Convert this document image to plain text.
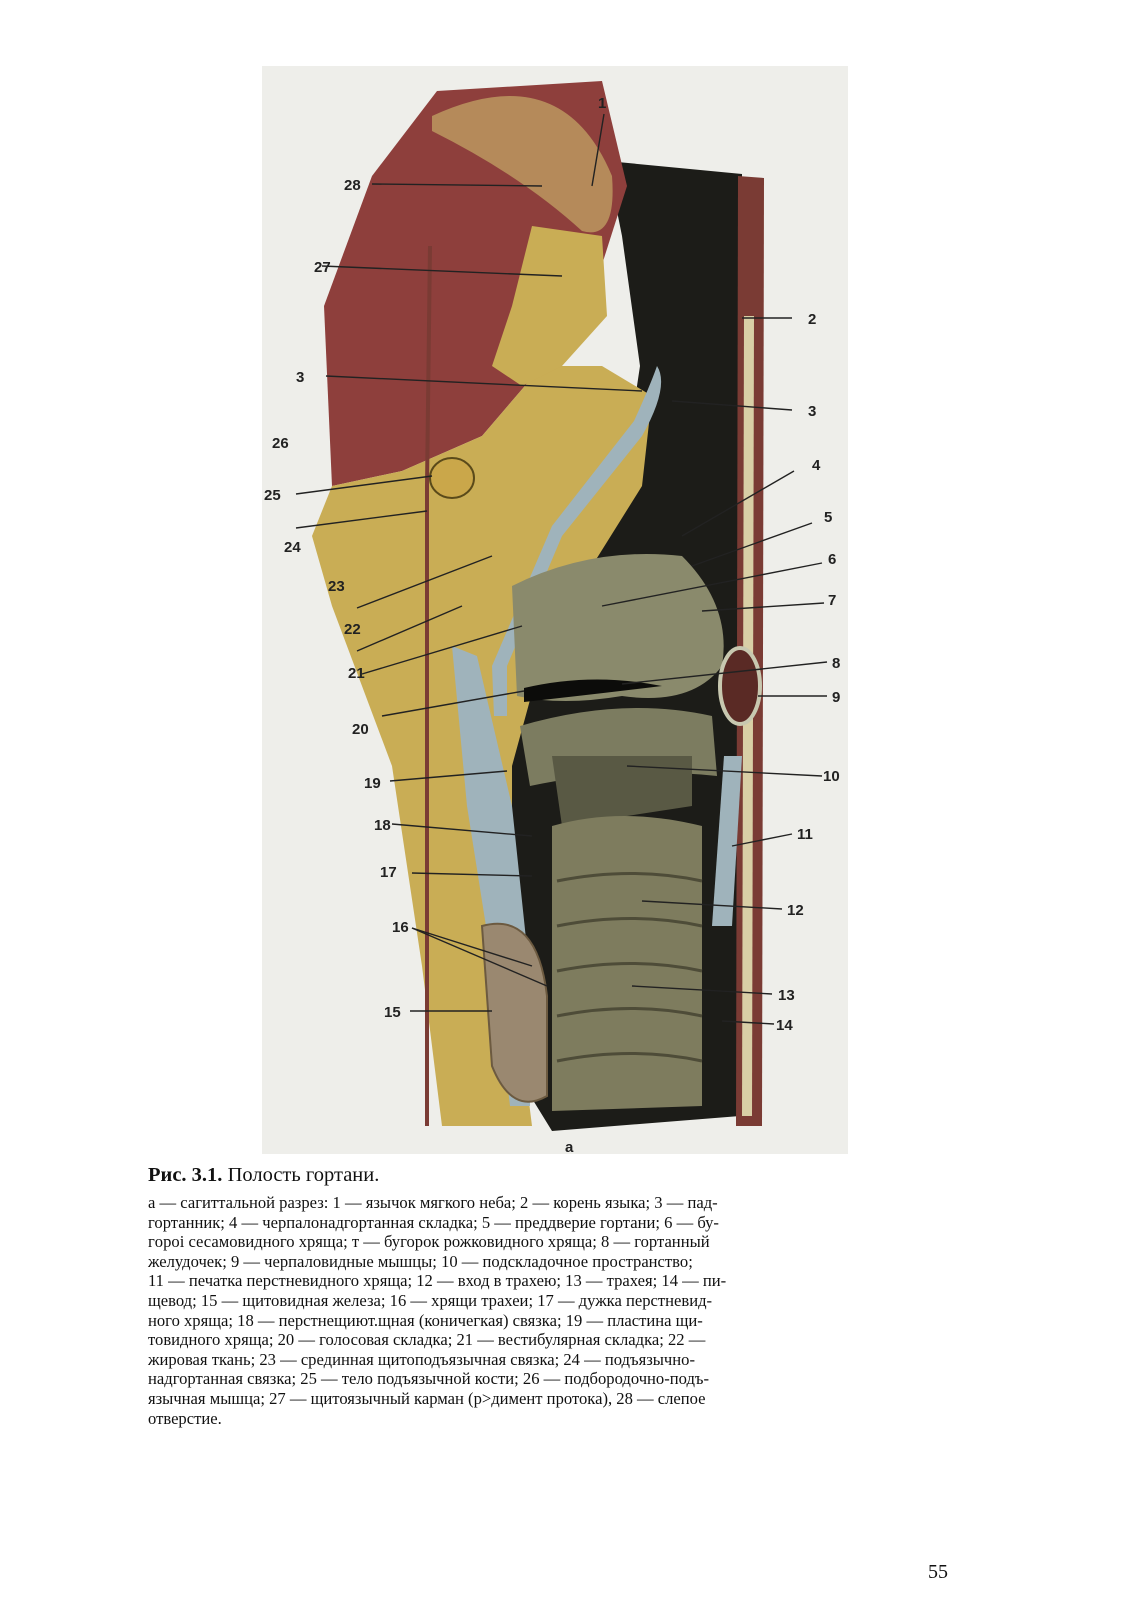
1
2
3
3
4
5
6
7
8
9
10
11
12
13
14
15
16
17
18
19
20
21
22
23
24
25
26
27
28
а

Рис. 3.1. Полость гортани.

а — сагиттальной разрез: 1 — язычок мягкого неба; 2 — корень языка; 3 — пад-
гортанник; 4 — черпалонадгортанная складка; 5 — преддверие гортани; 6 — бу-
гoроі сесамовидного хряща; т — бугорок рожковидного хряща; 8 — гортанный
желудочек; 9 — черпаловидные мышцы; 10 — подскладочное пространство;
11 — печатка перстневидного хряща; 12 — вход в трахею; 13 — трахея; 14 — пи-
щевод; 15 — щитовидная железа; 16 — хрящи трахеи; 17 — дужка перстневид-
ного хряща; 18 — перстнещиют.щная (коничегкая) связка; 19 — пластина щи-
товидного хряща; 20 — голосовая складка; 21 — вестибулярная складка; 22 —
жировая ткань; 23 — срединная щитоподъязычная связка; 24 — подъязычно-
надгортанная связка; 25 — тело подъязычной кости; 26 — подбородочно-подъ-
язычная мышца; 27 — щитоязычный карман (р>димент протока), 28 — слепое
отверстие.
55
